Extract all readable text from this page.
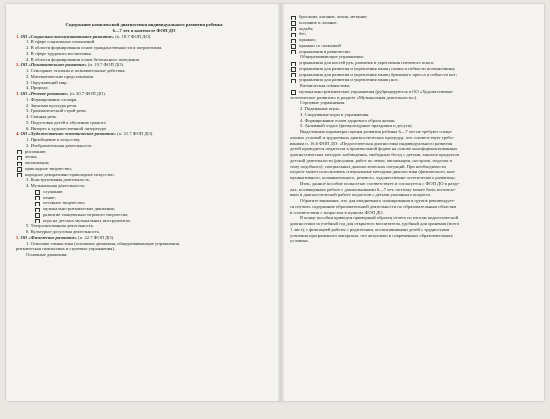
Содержание комплексной диагностики индивидуального развития ребенка
6—7 лет в контексте ФОП ДО
1. ОО «Социально-коммуникативное развитие» (п. 18.7 ФОП ДО).
1. В сфере социальных отношений.
2. В области формирования основ гражданственности и патриотизма.
3. В сфере трудового воспитания.
4. В области формирования основ безопасного поведения.
2. ОО «Познавательное развитие» (п. 19.7 ФОП ДО).
1. Сенсорные эталоны и познавательные действия.
2. Математические представления.
3. Окружающий мир.
4. Природа.
3. ОО «Речевое развитие» (п. 20.7 ФОП ДО).
1. Формирование словаря.
2. Звуковая культура речи.
3. Грамматический строй речи.
4. Связная речь.
5. Подготовка детей к обучению грамоте.
6. Интерес к художественной литературе.
4. ОО «Художественно-эстетическое развитие» (п. 21.7 ФОП ДО).
1. Приобщение к искусству.
2. Изобразительная деятельность:
рисование;
лепка;
аппликация;
прикладное творчество;
народное декоративно-прикладное искусство.
3. Конструктивная деятельность.
4. Музыкальная деятельность:
слушание;
пение;
песенное творчество;
музыкально-ритмические движения;
развитие танцевально-игрового творчества;
игра на детских музыкальных инструментах.
5. Театрализованная деятельность.
6. Культурно-досуговая деятельность.
5. ОО «Физическое развитие» (п. 22.7 ФОП ДО).
1. Освоение гимнастика (основные движения, общеразвивающие упражнения,
ритмическая гимнастика и строевые упражнения).
Основные движения:
бросание, катание, ловля, метание;
ползание и лазанье;
ходьба;
бег;
прыжки;
прыжки со скакалкой
упражнения в равновесии.
Общеразвивающие упражнения:
упражнения для кистей рук, развития и укрепления плечевого пояса;
упражнения для развития и укрепления мышц спины и гибкости позвоночника;
упражнения для развития и укрепления мышц брюшного пресса и гибкости ног;
упражнения для развития и укрепления мышц ног;
Ритмическая гимнастика:
музыкально-ритмические упражнения (рубрицируются в ОО «Художественно-
эстетическое развитие» в разделе «Музыкальная деятельность»).
Строевые упражнения.
2. Подвижные игры.
3. Спортивные игры и упражнения.
4. Формирование основ здорового образа жизни.
5. Активный отдых (физкультурные праздники и досуги).
Выделенные параметры оценки развития ребенка 6—7 лет не требуют специ-
альных условий и трудоемких диагностических процедур, что соответствует требо-
ваниям п. 16.6 ФОП ДО: «Педагогическая диагностика индивидуального развития
детей проводится педагогом в произвольной форме на основе малоформализованных
диагностических методов: наблюдения, свободных бесед с детьми, анализа продуктов
детской деятельности (рисунков, работ по лепке, аппликации, построек, поделок и
тому подобного), специальных диагностических ситуаций. При необходимости
педагог может использовать специальные методики диагностики (физического, ком-
муникативного, познавательного, речевого, художественно-эстетического развития».
Итак, данное пособие полностью соответствует и согласуется с ФОП ДО в разде-
лах, посвященных работе с дошкольниками 6—7 лет, поэтому может быть использо-
вано в диагностической работе педагогов с детьми указанного возраста.
Обратите внимание, что для ежедневного планирования в группе рекомендует-
ся изучить содержание образовательной деятельности по образовательным областям
в соответствии с возрастом в пунктах ФОП ДО.
В конце пособия приведен примерный образец отчета по итогам педагогической
диагностики за учебный год для открытого воспитателя, удобный для хранения (всего
1 лист), с фиксацией работы с родителями, воспитанниками детей с трудностями
усвоения программного материала, что актуально в современных образовательных
условиях.
